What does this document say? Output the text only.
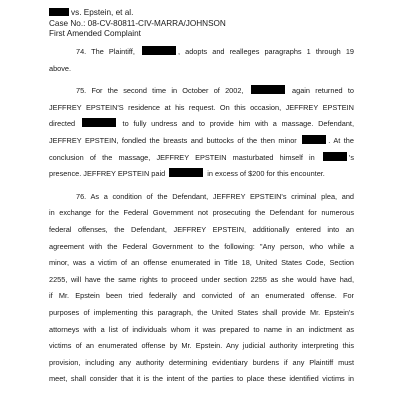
vs. Epstein, et al.
Case No.: 08-CV-80811-CIV-MARRA/JOHNSON
First Amended Complaint
74. The Plaintiff,	, adopts and realleges paragraphs 1 through 19
above.
75. For the second time in October of 2002,	again returned to
JEFFREY EPSTEIN'S residence at his request. On this occasion, JEFFREY EPSTEIN
directed	to fully undress and to provide him with a massage. Defendant,
JEFFREY EPSTEIN, fondled the breasts and buttocks of the then minor	. At the
conclusion of the massage, JEFFREY EPSTEIN masturbated himself in	's
presence. JEFFREY EPSTEIN paid	in excess of $200 for this encounter.
76. As a condition of the Defendant, JEFFREY EPSTEIN's criminal plea, and
in exchange for the Federal Government not prosecuting the Defendant for numerous
federal offenses, the Defendant, JEFFREY EPSTEIN, additionally entered into an
agreement with the Federal Government to the following: "Any person, who while a
minor, was a victim of an offense enumerated in Title 18, United States Code, Section
2255, will have the same rights to proceed under section 2255 as she would have had,
if Mr. Epstein been tried federally and convicted of an enumerated offense. For
purposes of implementing this paragraph, the United States shall provide Mr. Epstein's
attorneys with a list of individuals whom it was prepared to name in an indictment as
victims of an enumerated offense by Mr. Epstein. Any judicial authority interpreting this
provision, including any authority determining evidentiary burdens if any Plaintiff must
meet, shall consider that it is the intent of the parties to place these identified victims in
